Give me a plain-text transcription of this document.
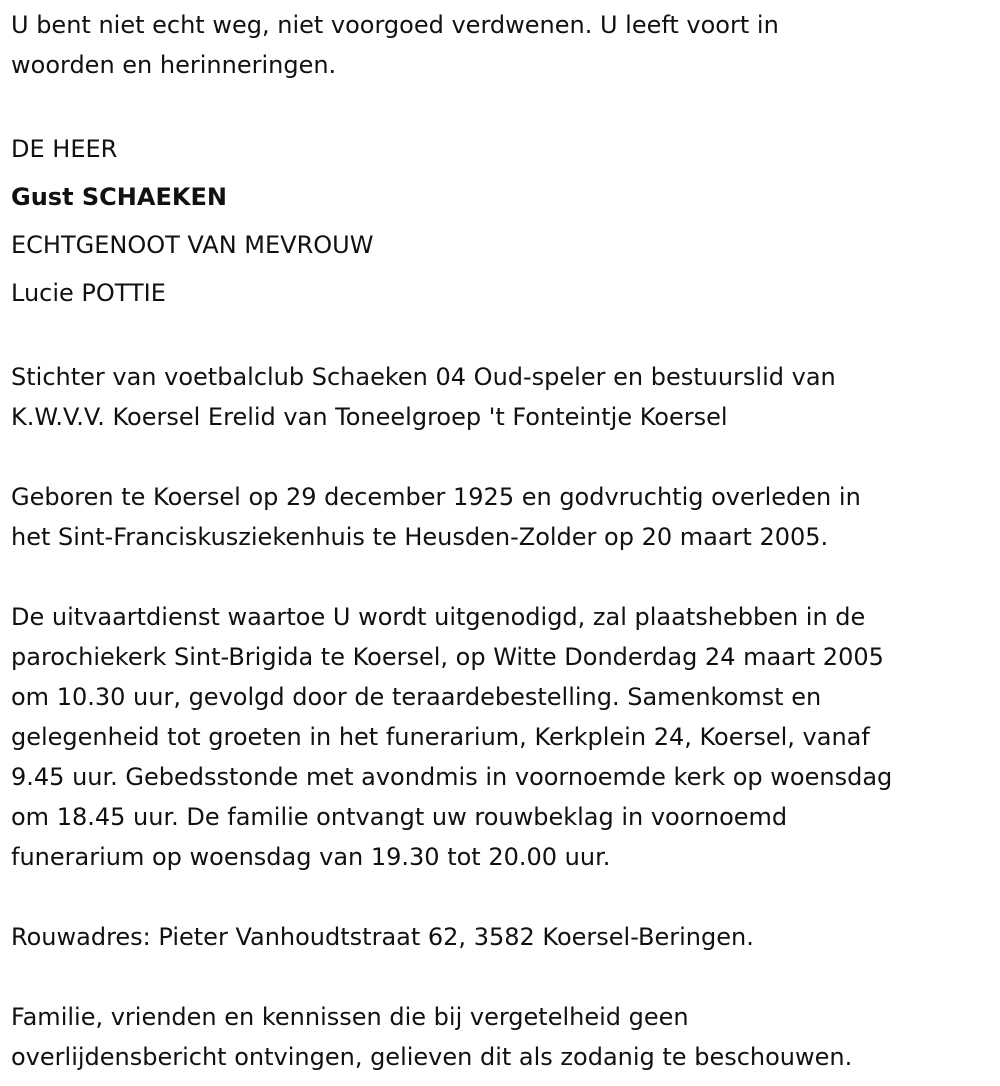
U bent niet echt weg, niet voorgoed verdwenen. U leeft voort in
woorden en herinneringen.
DE HEER
Gust SCHAEKEN
ECHTGENOOT VAN MEVROUW
Lucie POTTIE
Stichter van voetbalclub Schaeken 04 Oud-speler en bestuurslid van
K.W.V.V. Koersel Erelid van Toneelgroep 't Fonteintje Koersel
Geboren te Koersel op 29 december 1925 en godvruchtig overleden in
het Sint-Franciskusziekenhuis te Heusden-Zolder op 20 maart 2005.
De uitvaartdienst waartoe U wordt uitgenodigd, zal plaatshebben in de
parochiekerk Sint-Brigida te Koersel, op Witte Donderdag 24 maart 2005
om 10.30 uur, gevolgd door de teraardebestelling. Samenkomst en
gelegenheid tot groeten in het funerarium, Kerkplein 24, Koersel, vanaf
9.45 uur. Gebedsstonde met avondmis in voornoemde kerk op woensdag
om 18.45 uur. De familie ontvangt uw rouwbeklag in voornoemd
funerarium op woensdag van 19.30 tot 20.00 uur.
Rouwadres: Pieter Vanhoudtstraat 62, 3582 Koersel-Beringen.
Familie, vrienden en kennissen die bij vergetelheid geen
overlijdensbericht ontvingen, gelieven dit als zodanig te beschouwen.
